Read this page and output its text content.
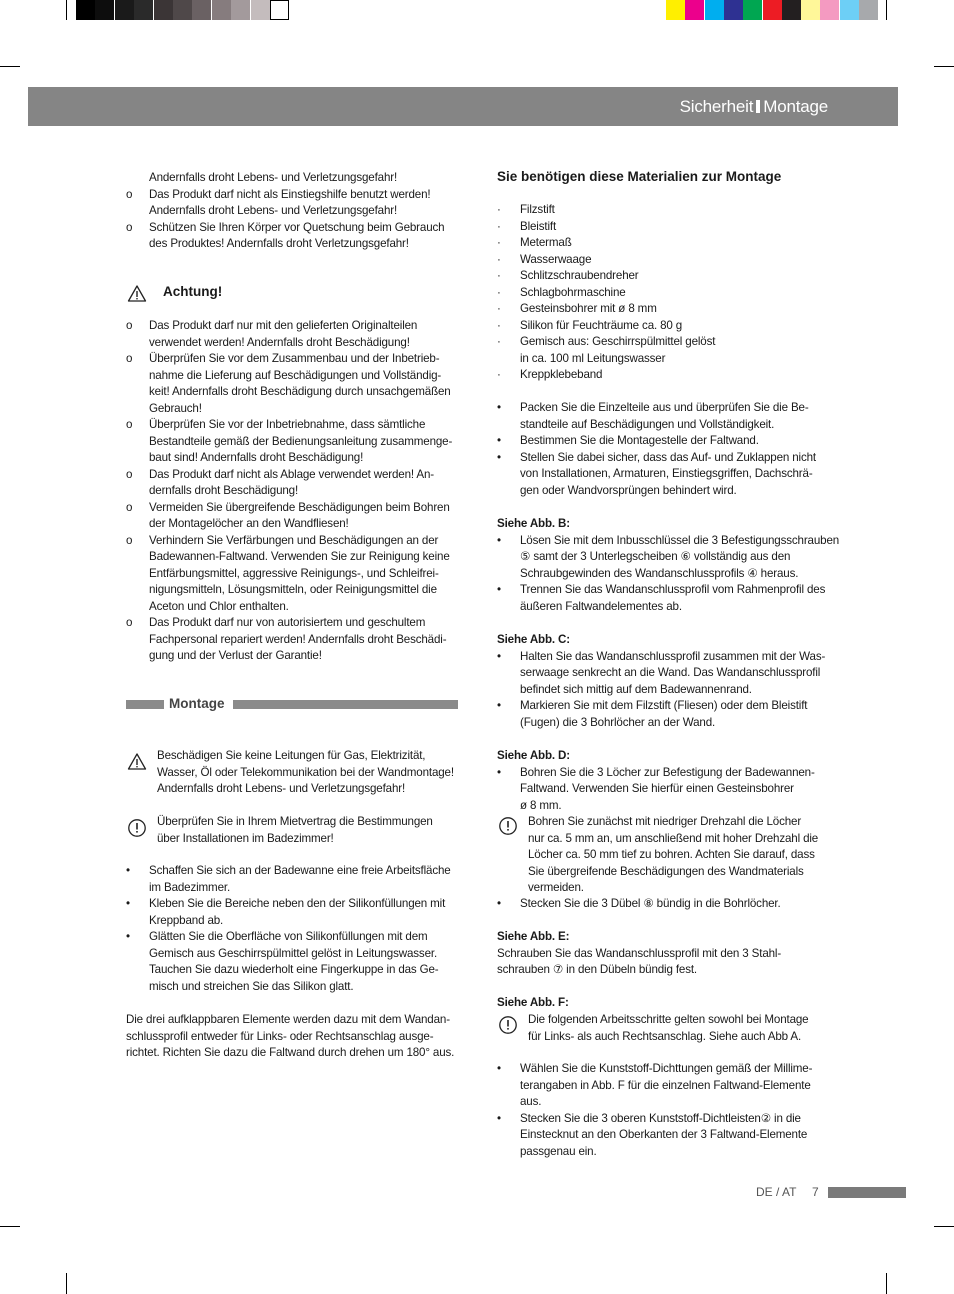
Sicherheit Montage
Andernfalls droht Lebens- und Verletzungsgefahr!
o Das Produkt darf nicht als Einstiegshilfe benutzt werden!
Andernfalls droht Lebens- und Verletzungsgefahr!
o Schützen Sie Ihren Körper vor Quetschung beim Gebrauch
des Produktes! Andernfalls droht Verletzungsgefahr!
Achtung!
o Das Produkt darf nur mit den gelieferten Originalteilen
verwendet werden! Andernfalls droht Beschädigung!
o Überprüfen Sie vor dem Zusammenbau und der Inbetrieb-
nahme die Lieferung auf Beschädigungen und Vollständig-
keit! Andernfalls droht Beschädigung durch unsachgemäßen
Gebrauch!
o Überprüfen Sie vor der Inbetriebnahme, dass sämtliche
Bestandteile gemäß der Bedienungsanleitung zusammenge-
baut sind! Andernfalls droht Beschädigung!
o Das Produkt darf nicht als Ablage verwendet werden! An-
dernfalls droht Beschädigung!
o Vermeiden Sie übergreifende Beschädigungen beim Bohren
der Montagelöcher an den Wandfliesen!
o Verhindern Sie Verfärbungen und Beschädigungen an der
Badewannen-Faltwand. Verwenden Sie zur Reinigung keine
Entfärbungsmittel, aggressive Reinigungs-, und Schleifrei-
nigungsmitteln, Lösungsmitteln, oder Reinigungsmittel die
Aceton und Chlor enthalten.
o Das Produkt darf nur von autorisiertem und geschultem
Fachpersonal repariert werden! Andernfalls droht Beschädi-
gung und der Verlust der Garantie!
Montage
Beschädigen Sie keine Leitungen für Gas, Elektrizität,
Wasser, Öl oder Telekommunikation bei der Wandmontage!
Andernfalls droht Lebens- und Verletzungsgefahr!
Überprüfen Sie in Ihrem Mietvertrag die Bestimmungen
über Installationen im Badezimmer!
• Schaffen Sie sich an der Badewanne eine freie Arbeitsfläche
im Badezimmer.
• Kleben Sie die Bereiche neben den der Silikonfüllungen mit
Kreppband ab.
• Glätten Sie die Oberfläche von Silikonfüllungen mit dem
Gemisch aus Geschirrspülmittel gelöst in Leitungswasser.
Tauchen Sie dazu wiederholt eine Fingerkuppe in das Ge-
misch und streichen Sie das Silikon glatt.
Die drei aufklappbaren Elemente werden dazu mit dem Wandan-
schlussprofil entweder für Links- oder Rechtsanschlag ausge-
richtet. Richten Sie dazu die Faltwand durch drehen um 180° aus.
Sie benötigen diese Materialien zur Montage
· Filzstift
· Bleistift
· Metermaß
· Wasserwaage
· Schlitzschraubendreher
· Schlagbohrmaschine
· Gesteinsbohrer mit ø 8 mm
· Silikon für Feuchträume ca. 80 g
· Gemisch aus: Geschirrspülmittel gelöst
in ca. 100 ml Leitungswasser
· Kreppklebeband
• Packen Sie die Einzelteile aus und überprüfen Sie die Be-
standteile auf Beschädigungen und Vollständigkeit.
• Bestimmen Sie die Montagestelle der Faltwand.
• Stellen Sie dabei sicher, dass das Auf- und Zuklappen nicht
von Installationen, Armaturen, Einstiegsgriffen, Dachschrä-
gen oder Wandvorsprüngen behindert wird.
Siehe Abb. B:
• Lösen Sie mit dem Inbusschlüssel die 3 Befestigungsschrauben
⑤ samt der 3 Unterlegscheiben ⑥ vollständig aus den
Schraubgewinden des Wandanschlussprofils ④ heraus.
• Trennen Sie das Wandanschlussprofil vom Rahmenprofil des
äußeren Faltwandelementes ab.
Siehe Abb. C:
• Halten Sie das Wandanschlussprofil zusammen mit der Was-
serwaage senkrecht an die Wand. Das Wandanschlussprofil
befindet sich mittig auf dem Badewannenrand.
• Markieren Sie mit dem Filzstift (Fliesen) oder dem Bleistift
(Fugen) die 3 Bohrlöcher an der Wand.
Siehe Abb. D:
• Bohren Sie die 3 Löcher zur Befestigung der Badewannen-
Faltwand. Verwenden Sie hierfür einen Gesteinsbohrer
ø 8 mm.
Bohren Sie zunächst mit niedriger Drehzahl die Löcher
nur ca. 5 mm an, um anschließend mit hoher Drehzahl die
Löcher ca. 50 mm tief zu bohren. Achten Sie darauf, dass
Sie übergreifende Beschädigungen des Wandmaterials
vermeiden.
• Stecken Sie die 3 Dübel ⑧ bündig in die Bohrlöcher.
Siehe Abb. E:
Schrauben Sie das Wandanschlussprofil mit den 3 Stahl-
schrauben ⑦ in den Dübeln bündig fest.
Siehe Abb. F:
Die folgenden Arbeitsschritte gelten sowohl bei Montage
für Links- als auch Rechtsanschlag. Siehe auch Abb A.
• Wählen Sie die Kunststoff-Dichttungen gemäß der Millime-
terangaben in Abb. F für die einzelnen Faltwand-Elemente
aus.
• Stecken Sie die 3 oberen Kunststoff-Dichtleisten② in die
Einstecknut an den Oberkanten der 3 Faltwand-Elemente
passgenau ein.
DE / AT 7
